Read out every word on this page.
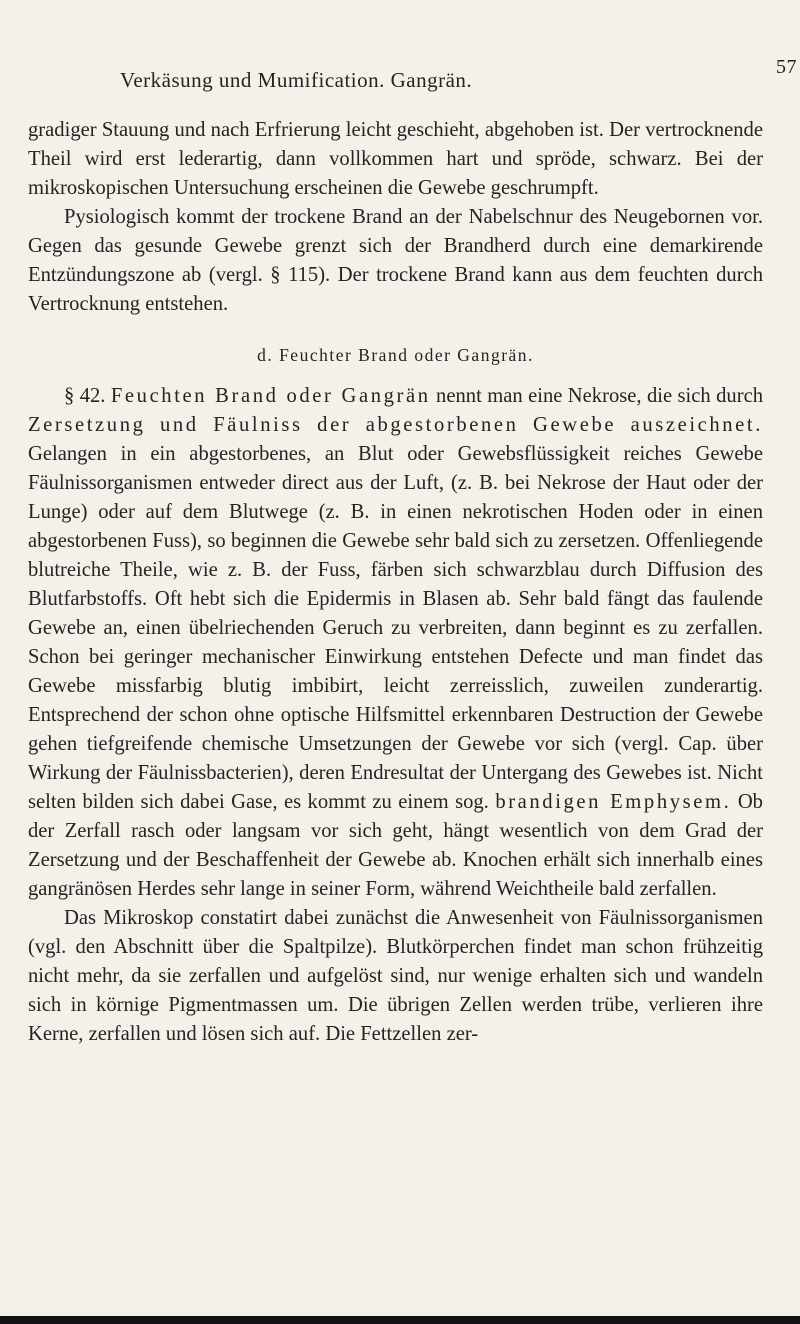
Verkäsung und Mumification. Gangrän.
57

gradiger Stauung und nach Erfrierung leicht geschieht, abgehoben ist. Der vertrocknende Theil wird erst lederartig, dann vollkommen hart und spröde, schwarz. Bei der mikroskopischen Untersuchung erscheinen die Gewebe geschrumpft.

Pysiologisch kommt der trockene Brand an der Nabelschnur des Neugebornen vor. Gegen das gesunde Gewebe grenzt sich der Brandherd durch eine demarkirende Entzündungszone ab (vergl. § 115). Der trockene Brand kann aus dem feuchten durch Vertrocknung entstehen.

d. Feuchter Brand oder Gangrän.

§ 42. Feuchten Brand oder Gangrän nennt man eine Nekrose, die sich durch Zersetzung und Fäulniss der abgestorbenen Gewebe auszeichnet. Gelangen in ein abgestorbenes, an Blut oder Gewebsflüssigkeit reiches Gewebe Fäulnissorganismen entweder direct aus der Luft, (z. B. bei Nekrose der Haut oder der Lunge) oder auf dem Blutwege (z. B. in einen nekrotischen Hoden oder in einen abgestorbenen Fuss), so beginnen die Gewebe sehr bald sich zu zersetzen. Offenliegende blutreiche Theile, wie z. B. der Fuss, färben sich schwarzblau durch Diffusion des Blutfarbstoffs. Oft hebt sich die Epidermis in Blasen ab. Sehr bald fängt das faulende Gewebe an, einen übelriechenden Geruch zu verbreiten, dann beginnt es zu zerfallen. Schon bei geringer mechanischer Einwirkung entstehen Defecte und man findet das Gewebe missfarbig blutig imbibirt, leicht zerreisslich, zuweilen zunderartig. Entsprechend der schon ohne optische Hilfsmittel erkennbaren Destruction der Gewebe gehen tiefgreifende chemische Umsetzungen der Gewebe vor sich (vergl. Cap. über Wirkung der Fäulnissbacterien), deren Endresultat der Untergang des Gewebes ist. Nicht selten bilden sich dabei Gase, es kommt zu einem sog. brandigen Emphysem. Ob der Zerfall rasch oder langsam vor sich geht, hängt wesentlich von dem Grad der Zersetzung und der Beschaffenheit der Gewebe ab. Knochen erhält sich innerhalb eines gangränösen Herdes sehr lange in seiner Form, während Weichtheile bald zerfallen.

Das Mikroskop constatirt dabei zunächst die Anwesenheit von Fäulnissorganismen (vgl. den Abschnitt über die Spaltpilze). Blutkörperchen findet man schon frühzeitig nicht mehr, da sie zerfallen und aufgelöst sind, nur wenige erhalten sich und wandeln sich in körnige Pigmentmassen um. Die übrigen Zellen werden trübe, verlieren ihre Kerne, zerfallen und lösen sich auf. Die Fettzellen zer-
